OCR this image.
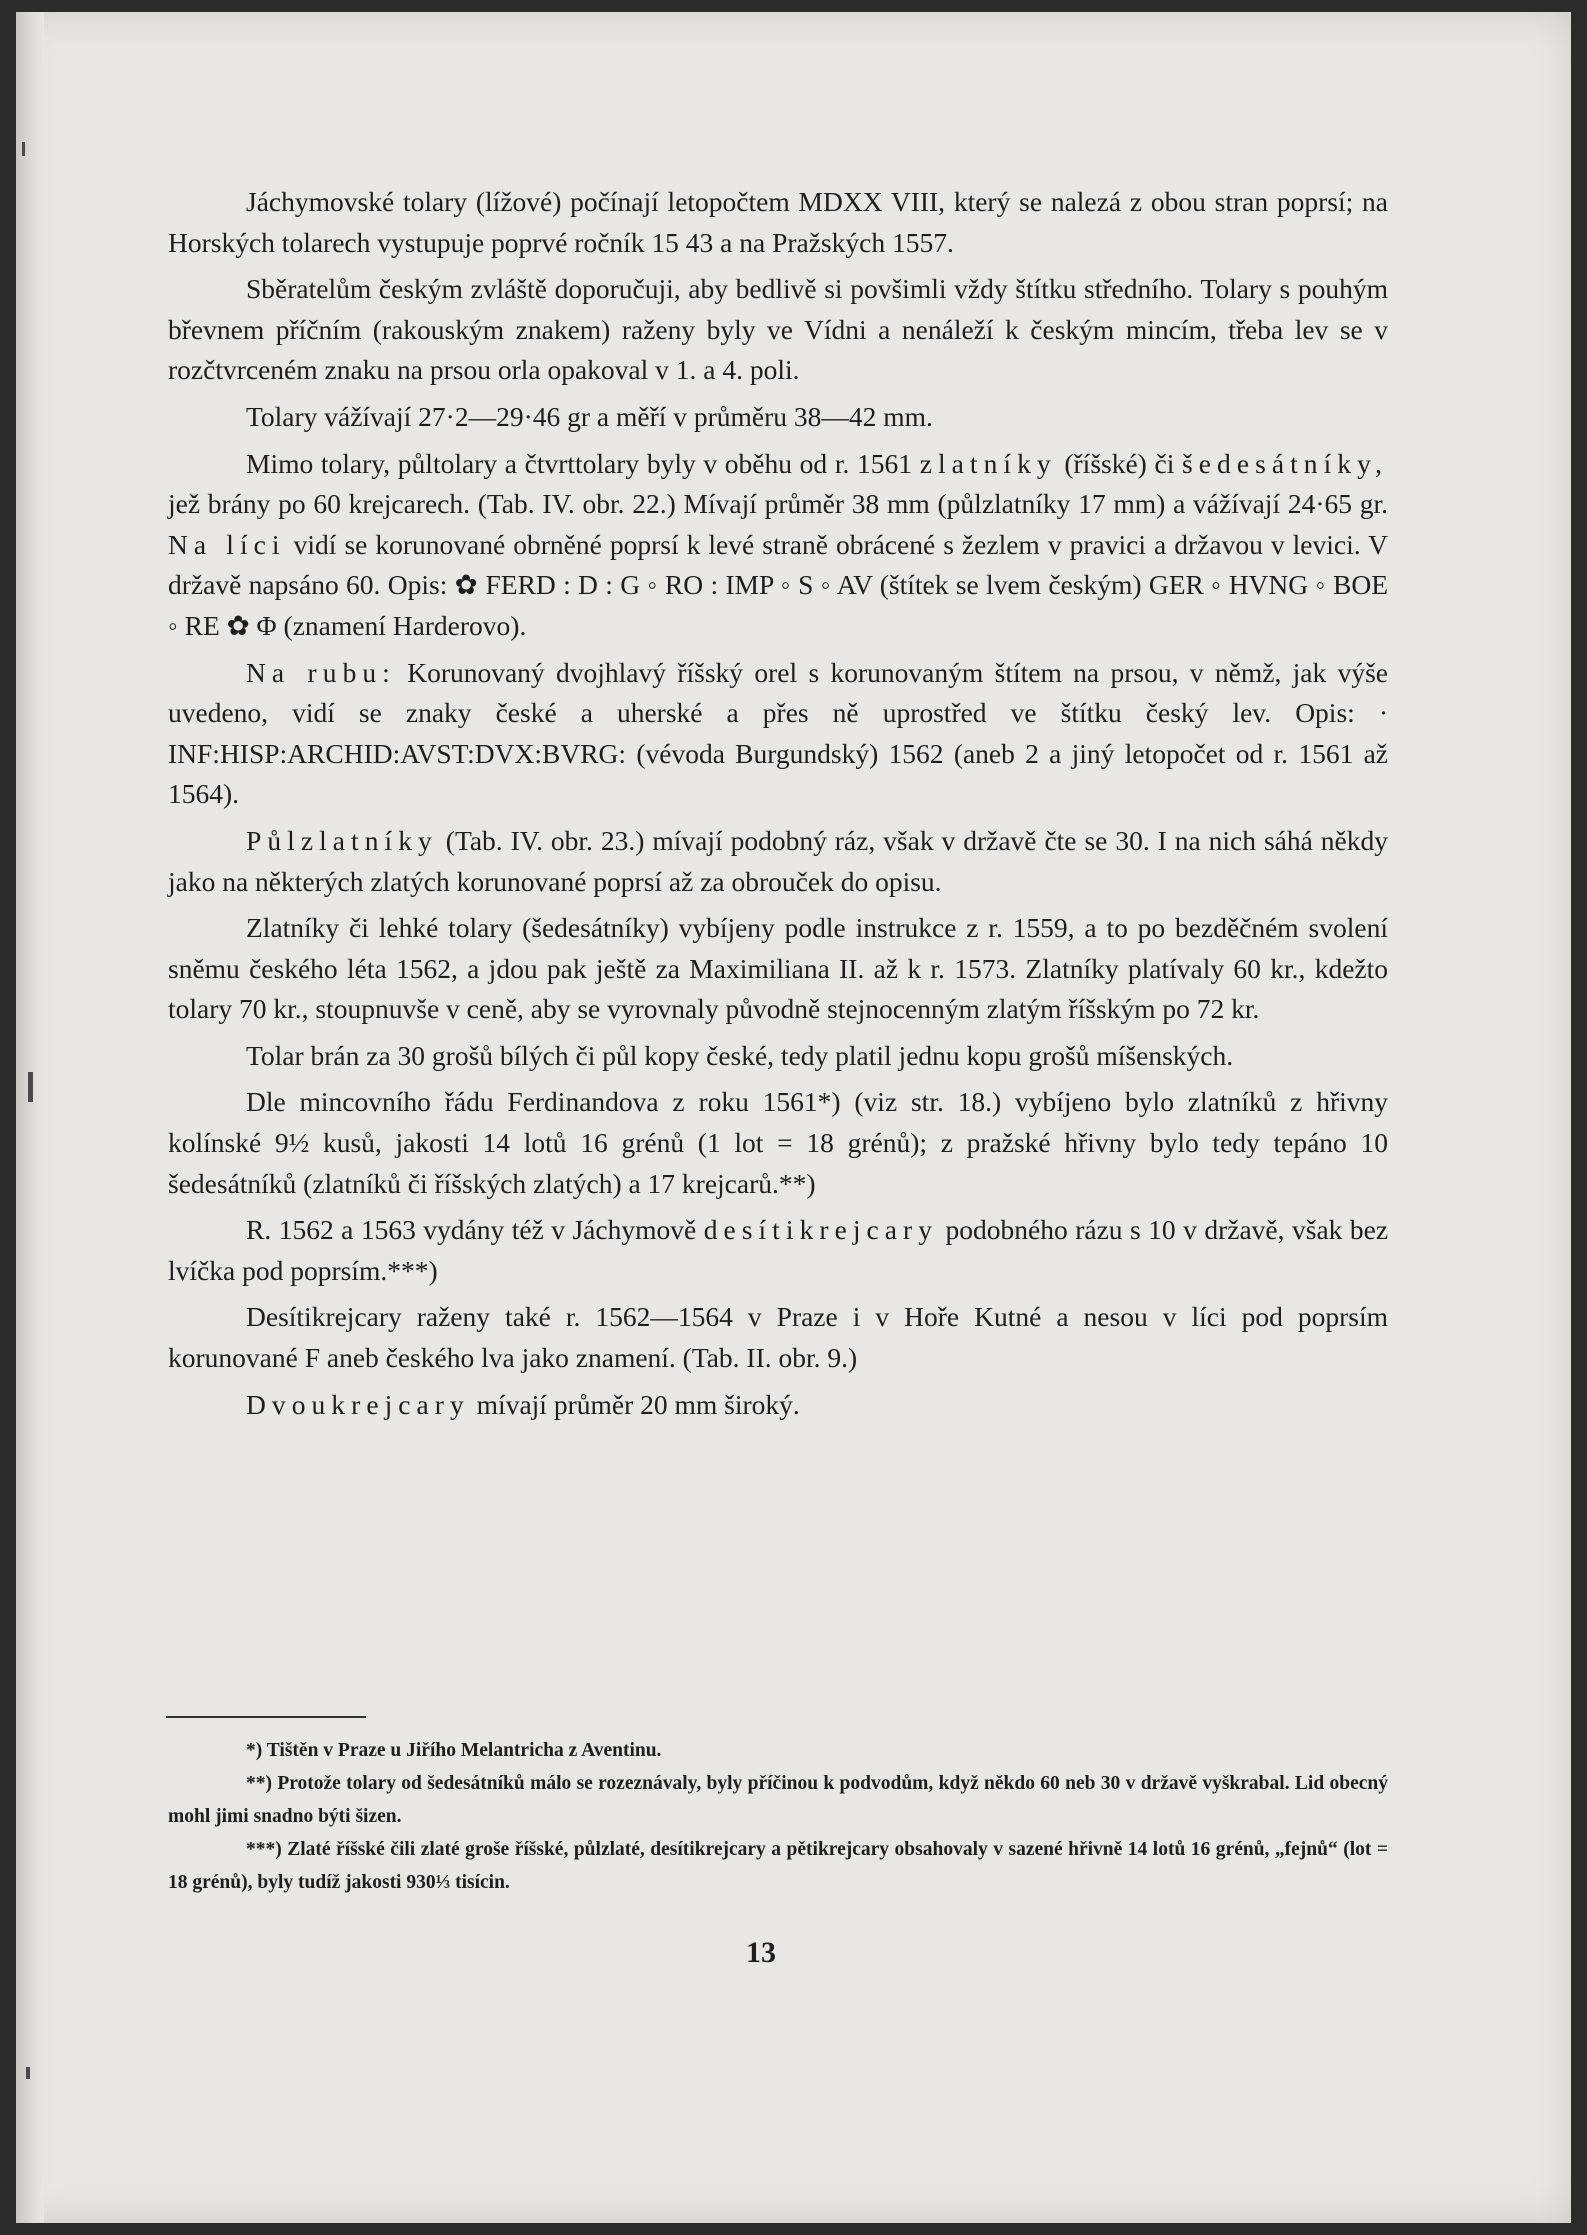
Jáchymovské tolary (lížové) počínají letopočtem MDXX VIII, který se nalezá z obou stran poprsí; na Horských tolarech vystupuje poprvé ročník 15 43 a na Pražských 1557.

Sběratelům českým zvláště doporučuji, aby bedlivě si povšimli vždy štítku středního. Tolary s pouhým břevnem příčním (rakouským znakem) raženy byly ve Vídni a nenáleží k českým mincím, třeba lev se v rozčtvrceném znaku na prsou orla opakoval v 1. a 4. poli.

Tolary vážívají 27·2—29·46 gr a měří v průměru 38—42 mm.

Mimo tolary, půltolary a čtvrttolary byly v oběhu od r. 1561 zlatníky (říšské) či šedesátníky, jež brány po 60 krejcarech. (Tab. IV. obr. 22.) Mívají průměr 38 mm (půlzlatníky 17 mm) a vážívají 24·65 gr. Na líci vidí se korunované obrněné poprsí k levé straně obrácené s žezlem v pravici a državou v levici. V državě napsáno 60. Opis: ✿ FERD : D : G ◦ RO : IMP ◦ S ◦ AV (štítek se lvem českým) GER ◦ HVNG ◦ BOE ◦ RE ✿ Φ (znamení Harderovo).

Na rubu: Korunovaný dvojhlavý říšský orel s korunovaným štítem na prsou, v němž, jak výše uvedeno, vidí se znaky české a uherské a přes ně uprostřed ve štítku český lev. Opis: · INF:HISP:ARCHID:AVST:DVX:BVRG: (vévoda Burgundský) 1562 (aneb 2 a jiný letopočet od r. 1561 až 1564).

Půlzlatníky (Tab. IV. obr. 23.) mívají podobný ráz, však v državě čte se 30. I na nich sáhá někdy jako na některých zlatých korunované poprsí až za obrouček do opisu.

Zlatníky či lehké tolary (šedesátníky) vybíjeny podle instrukce z r. 1559, a to po bezděčném svolení sněmu českého léta 1562, a jdou pak ještě za Maximiliana II. až k r. 1573. Zlatníky platívaly 60 kr., kdežto tolary 70 kr., stoupnuvše v ceně, aby se vyrovnaly původně stejnocenným zlatým říšským po 72 kr.

Tolar brán za 30 grošů bílých či půl kopy české, tedy platil jednu kopu grošů míšenských.

Dle mincovního řádu Ferdinandova z roku 1561*) (viz str. 18.) vybíjeno bylo zlatníků z hřivny kolínské 9½ kusů, jakosti 14 lotů 16 grénů (1 lot = 18 grénů); z pražské hřivny bylo tedy tepáno 10 šedesátníků (zlatníků či říšských zlatých) a 17 krejcarů.**)

R. 1562 a 1563 vydány též v Jáchymově desítikrejcary podobného rázu s 10 v državě, však bez lvíčka pod poprsím.***)

Desítikrejcary raženy také r. 1562—1564 v Praze i v Hoře Kutné a nesou v líci pod poprsím korunované F aneb českého lva jako znamení. (Tab. II. obr. 9.)

Dvoukrejcary mívají průměr 20 mm široký.

*) Tištěn v Praze u Jiřího Melantricha z Aventinu.

**) Protože tolary od šedesátníků málo se rozeznávaly, byly příčinou k podvodům, když někdo 60 neb 30 v državě vyškrabal. Lid obecný mohl jimi snadno býti šizen.

***) Zlaté říšské čili zlaté groše říšské, půlzlaté, desítikrejcary a pětikrejcary obsahovaly v sazené hřivně 14 lotů 16 grénů, „fejnů“ (lot = 18 grénů), byly tudíž jakosti 930⅓ tisícin.

13
